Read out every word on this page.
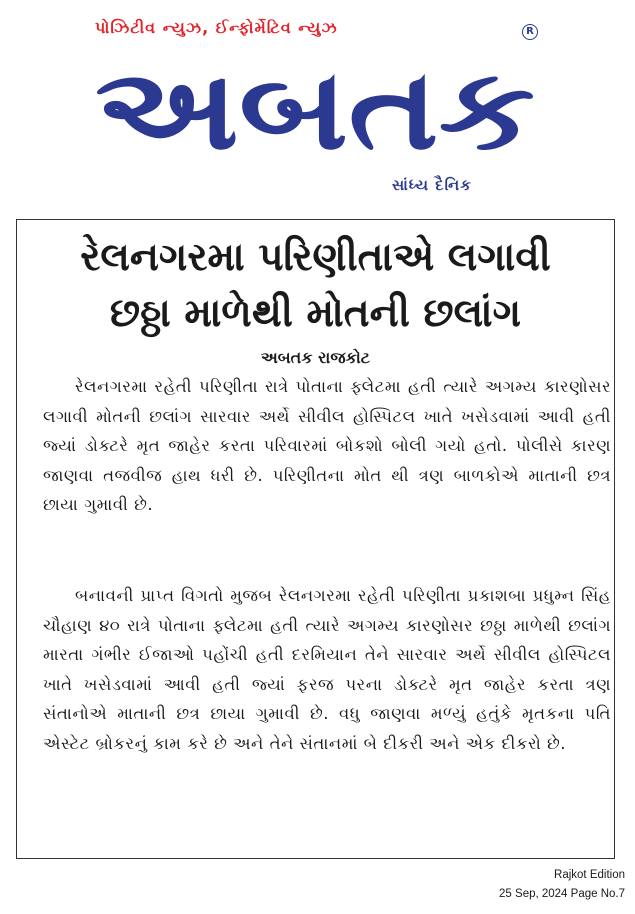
પોઝિટીવ ન્યુઝ, ઈન્ફોર્મેટિવ ન્યુઝ	R
અબતક
સાંધ્ય દૈનિક
રેલનગરમા પરિણીતાએ લગાવી
છઠ્ઠા માળેથી મોતની છલાંગ
અબતક રાજકોટ

રેલનગરમા રહેતી પરિણીતા રાત્રે પોતાના ફ્લેટમા હતી ત્યારે અગમ્ય કારણોસર લગાવી મોતની છલાંગ સારવાર અર્થે સીવીલ હોસ્પિટલ ખાતે ખસેડવામાં આવી હતી જ્યાં ડોક્ટરે મૃત જાહેર કરતા પરિવારમાં બોકશો બોલી ગયો હતો. પોલીસે કારણ જાણવા તજવીજ હાથ ધરી છે. પરિણીતના મોત થી ત્રણ બાળકોએ માતાની છત્ર છાયા ગુમાવી છે.

બનાવની પ્રાપ્ત વિગતો મુજબ રેલનગરમા રહેતી પરિણીતા પ્રકાશબા પ્રધુમ્ન સિંહ ચૌહાણ ૪૦ રાત્રે પોતાના ફ્લેટમા હતી ત્યારે અગમ્ય કારણોસર છઠ્ઠા માળેથી છલાંગ મારતા ગંભીર ઈજાઓ પહોંચી હતી દરમિયાન તેને સારવાર અર્થે સીવીલ હોસ્પિટલ ખાતે ખસેડવામાં આવી હતી જ્યાં ફરજ પરના ડોક્ટરે મૃત જાહેર કરતા ત્રણ સંતાનોએ માતાની છત્ર છાયા ગુમાવી છે. વધુ જાણવા મળ્યું હતુંકે મૃતકના પતિ એસ્ટેટ બ્રોકરનું કામ કરે છે અને તેને સંતાનમાં બે દીકરી અને એક દીકરો છે.

Rajkot Edition
25 Sep, 2024 Page No.7
